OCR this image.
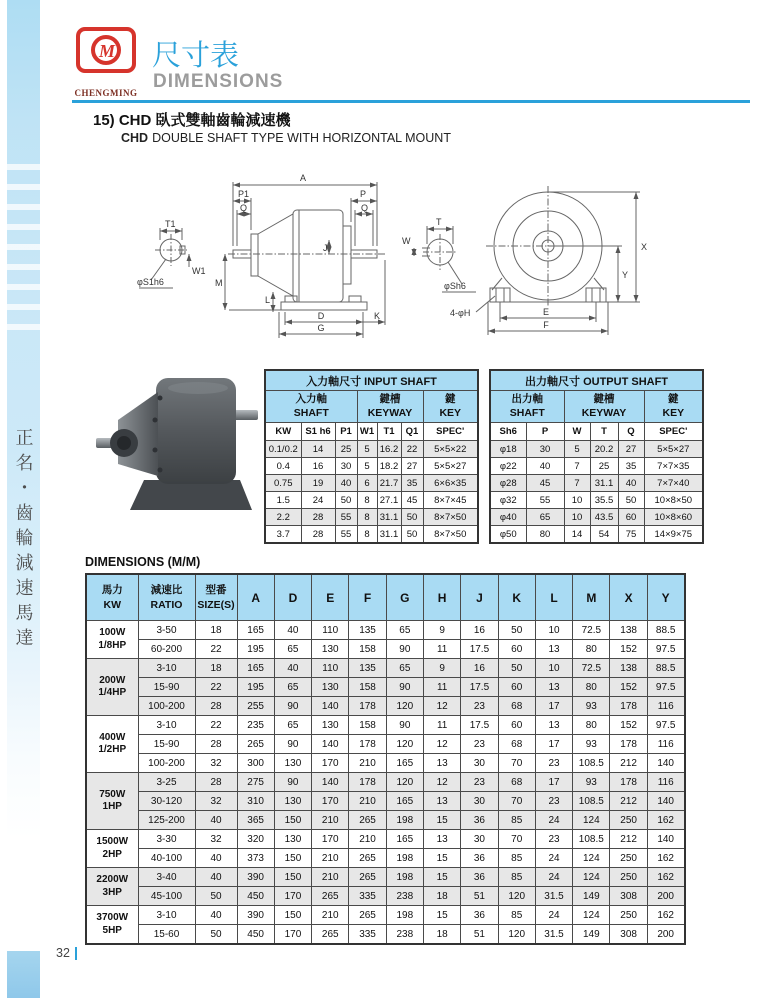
正名・齒輪減速馬達
M
CHENGMING
尺寸表
DIMENSIONS
15) CHD 臥式雙軸齒輪減速機
CHD DOUBLE SHAFT TYPE WITH HORIZONTAL MOUNT
A
P1
Q
P
Q
T1
W1
φS1h6	M
J
L
D	K
G
T
W
φSh6
X
Y
4-φH	E
F
入力軸尺寸 INPUT SHAFT						

入力軸
SHAFT

鍵槽
KEYWAY

鍵
KEY

KW	S1 h6	P1	W1	T1	Q1	SPEC'
0.1/0.2	14	25	5	16.2	22	5×5×22
0.4	16	30	5	18.2	27	5×5×27
0.75	19	40	6	21.7	35	6×6×35
1.5	24	50	8	27.1	45	8×7×45
2.2	28	55	8	31.1	50	8×7×50
3.7	28	55	8	31.1	50	8×7×50
出力軸尺寸 OUTPUT SHAFT					

出力軸
SHAFT

鍵槽
KEYWAY

鍵
KEY

Sh6	P	W	T	Q	SPEC'
φ18	30	5	20.2	27	5×5×27
φ22	40	7	25	35	7×7×35
φ28	45	7	31.1	40	7×7×40
φ32	55	10	35.5	50	10×8×50
φ40	65	10	43.5	60	10×8×60
φ50	80	14	54	75	14×9×75
DIMENSIONS (M/M)
馬力
KW

減速比
RATIO

型番
SIZE(S)	A	D	E	F	G	H	J	K	L	M	X	Y

100W
1/8HP	3-50	18	165	40	110	135	65	9	16	50	10	72.5	138	88.5
	60-200	22	195	65	130	158	90	11	17.5	60	13	80	152	97.5

200W
1/4HP	3-10	18	165	40	110	135	65	9	16	50	10	72.5	138	88.5
	15-90	22	195	65	130	158	90	11	17.5	60	13	80	152	97.5
	100-200	28	255	90	140	178	120	12	23	68	17	93	178	116

400W
1/2HP	3-10	22	235	65	130	158	90	11	17.5	60	13	80	152	97.5
	15-90	28	265	90	140	178	120	12	23	68	17	93	178	116
	100-200	32	300	130	170	210	165	13	30	70	23	108.5	212	140

750W
1HP	3-25	28	275	90	140	178	120	12	23	68	17	93	178	116
	30-120	32	310	130	170	210	165	13	30	70	23	108.5	212	140
	125-200	40	365	150	210	265	198	15	36	85	24	124	250	162

1500W
2HP	3-30	32	320	130	170	210	165	13	30	70	23	108.5	212	140
	40-100	40	373	150	210	265	198	15	36	85	24	124	250	162

2200W
3HP	3-40	40	390	150	210	265	198	15	36	85	24	124	250	162
	45-100	50	450	170	265	335	238	18	51	120	31.5	149	308	200

3700W
5HP	3-10	40	390	150	210	265	198	15	36	85	24	124	250	162
	15-60	50	450	170	265	335	238	18	51	120	31.5	149	308	200
32
